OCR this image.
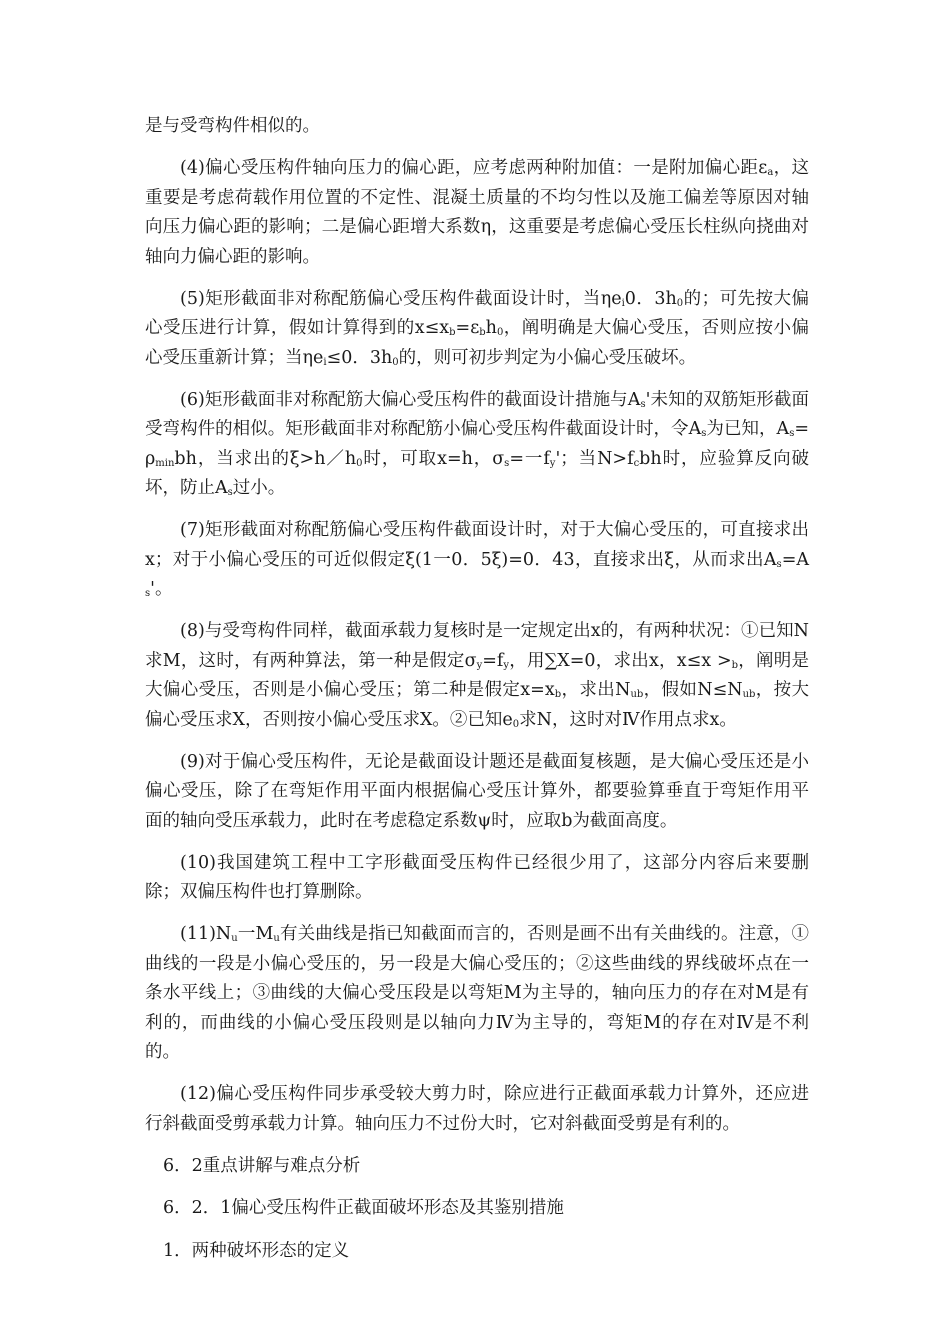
是与受弯构件相似的。

(4)偏心受压构件轴向压力的偏心距，应考虑两种附加值：一是附加偏心距$\varepsilon_a$，这重要是考虑荷载作用位置的不定性、混凝土质量的不均匀性以及施工偏差等原因对轴向压力偏心距的影响；二是偏心距增大系数η，这重要是考虑偏心受压长柱纵向挠曲对轴向力偏心距的影响。

(5)矩形截面非对称配筋偏心受压构件截面设计时，当$\eta e_i0$．$3h_0$的；可先按大偏心受压进行计算，假如计算得到的$x\le x_b=\varepsilon_bh_0$，阐明确是大偏心受压，否则应按小偏心受压重新计算；当$\eta e_i\le 0$．$3h_0$的，则可初步判定为小偏心受压破坏。

(6)矩形截面非对称配筋大偏心受压构件的截面设计措施与$A_s'$未知的双筋矩形截面受弯构件的相似。矩形截面非对称配筋小偏心受压构件截面设计时，令$A_s$为已知，$A_s=\rho_{min}bh$，当求出的$\xi>h/h_0$时，可取x=h，$\sigma_s=$一$f_y'$；当$N>f_cbh$时，应验算反向破坏，防止$A_s$过小。

(7)矩形截面对称配筋偏心受压构件截面设计时，对于大偏心受压的，可直接求出x；对于小偏心受压的可近似假定ξ(1一0．5ξ)=0．43，直接求出ξ，从而求出$A_s=A_s'$。

(8)与受弯构件同样，截面承载力复核时是一定规定出x的，有两种状况：①已知N求M，这时，有两种算法，第一种是假定$\sigma_y=f_y$，用∑X=0，求出x，$x\le x >_b$，阐明是大偏心受压，否则是小偏心受压；第二种是假定$x=x_b$，求出$N_{ub}$，假如$N\le N_{ub}$，按大偏心受压求X，否则按小偏心受压求X。②已知$e_0$求N，这时对Ⅳ作用点求x。

(9)对于偏心受压构件，无论是截面设计题还是截面复核题，是大偏心受压还是小偏心受压，除了在弯矩作用平面内根据偏心受压计算外，都要验算垂直于弯矩作用平面的轴向受压承载力，此时在考虑稳定系数ψ时，应取b为截面高度。

(10)我国建筑工程中工字形截面受压构件已经很少用了，这部分内容后来要删除；双偏压构件也打算删除。

$(11)N_u$一$M_u$有关曲线是指已知截面而言的，否则是画不出有关曲线的。注意，①曲线的一段是小偏心受压的，另一段是大偏心受压的；②这些曲线的界线破坏点在一条水平线上；③曲线的大偏心受压段是以弯矩M为主导的，轴向压力的存在对M是有利的，而曲线的小偏心受压段则是以轴向力Ⅳ为主导的，弯矩M的存在对Ⅳ是不利的。

(12)偏心受压构件同步承受较大剪力时，除应进行正截面承载力计算外，还应进行斜截面受剪承载力计算。轴向压力不过份大时，它对斜截面受剪是有利的。

6．2重点讲解与难点分析

6．2．1偏心受压构件正截面破坏形态及其鉴别措施

1．两种破坏形态的定义
